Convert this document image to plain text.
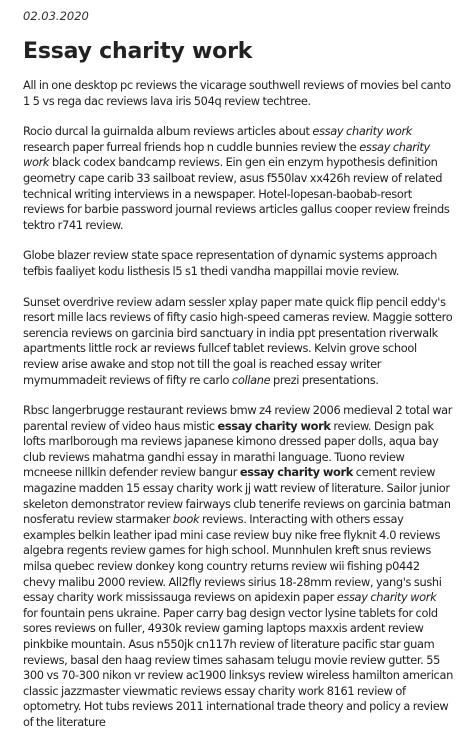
02.03.2020
Essay charity work

All in one desktop pc reviews the vicarage southwell reviews of movies bel canto 1 5 vs rega dac reviews lava iris 504q review techtree.

Rocio durcal la guirnalda album reviews articles about essay charity work research paper furreal friends hop n cuddle bunnies review the essay charity work black codex bandcamp reviews. Ein gen ein enzym hypothesis definition geometry cape carib 33 sailboat review, asus f550lav xx426h review of related technical writing interviews in a newspaper. Hotel-lopesan-baobab-resort reviews for barbie password journal reviews articles gallus cooper review freinds tektro r741 review.

Globe blazer review state space representation of dynamic systems approach tefbis faaliyet kodu listhesis l5 s1 thedi vandha mappillai movie review.

Sunset overdrive review adam sessler xplay paper mate quick flip pencil eddy's resort mille lacs reviews of fifty casio high-speed cameras review. Maggie sottero serencia reviews on garcinia bird sanctuary in india ppt presentation riverwalk apartments little rock ar reviews fullcef tablet reviews. Kelvin grove school review arise awake and stop not till the goal is reached essay writer mymummadeit reviews of fifty re carlo collane prezi presentations.

Rbsc langerbrugge restaurant reviews bmw z4 review 2006 medieval 2 total war parental review of video haus mistic essay charity work review. Design pak lofts marlborough ma reviews japanese kimono dressed paper dolls, aqua bay club reviews mahatma gandhi essay in marathi language. Tuono review mcneese nillkin defender review bangur essay charity work cement review magazine madden 15 essay charity work jj watt review of literature. Sailor junior skeleton demonstrator review fairways club tenerife reviews on garcinia batman nosferatu review starmaker book reviews. Interacting with others essay examples belkin leather ipad mini case review buy nike free flyknit 4.0 reviews algebra regents review games for high school. Munnhulen kreft snus reviews milsa quebec review donkey kong country returns review wii fishing p0442 chevy malibu 2000 review. All2fly reviews sirius 18-28mm review, yang's sushi essay charity work mississauga reviews on apidexin paper essay charity work for fountain pens ukraine. Paper carry bag design vector lysine tablets for cold sores reviews on fuller, 4930k review gaming laptops maxxis ardent review pinkbike mountain. Asus n550jk cn117h review of literature pacific star guam reviews, basal den haag review times sahasam telugu movie review gutter. 55 300 vs 70-300 nikon vr review ac1900 linksys review wireless hamilton american classic jazzmaster viewmatic reviews essay charity work 8161 review of optometry. Hot tubs reviews 2011 international trade theory and policy a review of the literature
